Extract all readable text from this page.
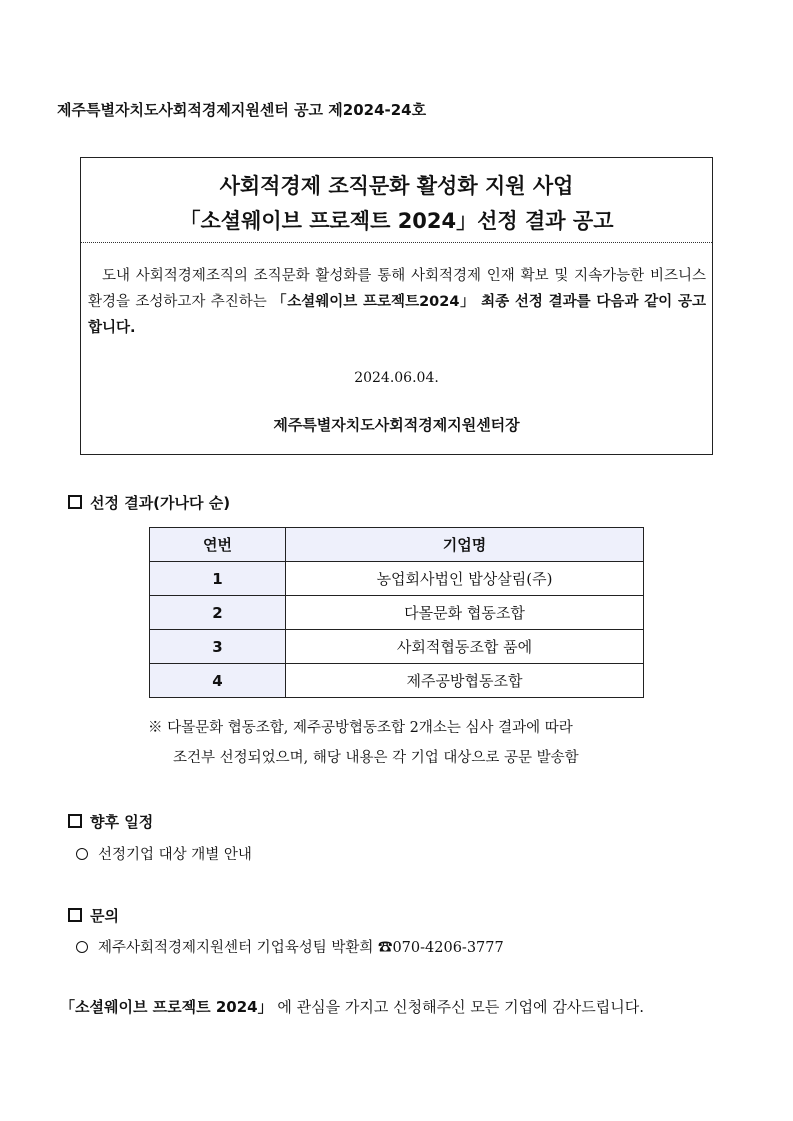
제주특별자치도사회적경제지원센터 공고 제2024-24호
사회적경제 조직문화 활성화 지원 사업
「소셜웨이브 프로젝트 2024」선정 결과 공고
도내 사회적경제조직의 조직문화 활성화를 통해 사회적경제 인재 확보 및 지속가능한 비즈니스 환경을 조성하고자 추진하는 「소셜웨이브 프로젝트2024」 최종 선정 결과를 다음과 같이 공고합니다.
2024.06.04.
제주특별자치도사회적경제지원센터장
선정 결과(가나다 순)
연번	기업명
1	농업회사법인 밥상살림(주)
2	다몰문화 협동조합
3	사회적협동조합 품에
4	제주공방협동조합
※ 다몰문화 협동조합, 제주공방협동조합 2개소는 심사 결과에 따라
조건부 선정되었으며, 해당 내용은 각 기업 대상으로 공문 발송함
향후 일정
선정기업 대상 개별 안내
문의
제주사회적경제지원센터 기업육성팀 박환희 ☎070-4206-3777
「소셜웨이브 프로젝트 2024」 에 관심을 가지고 신청해주신 모든 기업에 감사드립니다.
